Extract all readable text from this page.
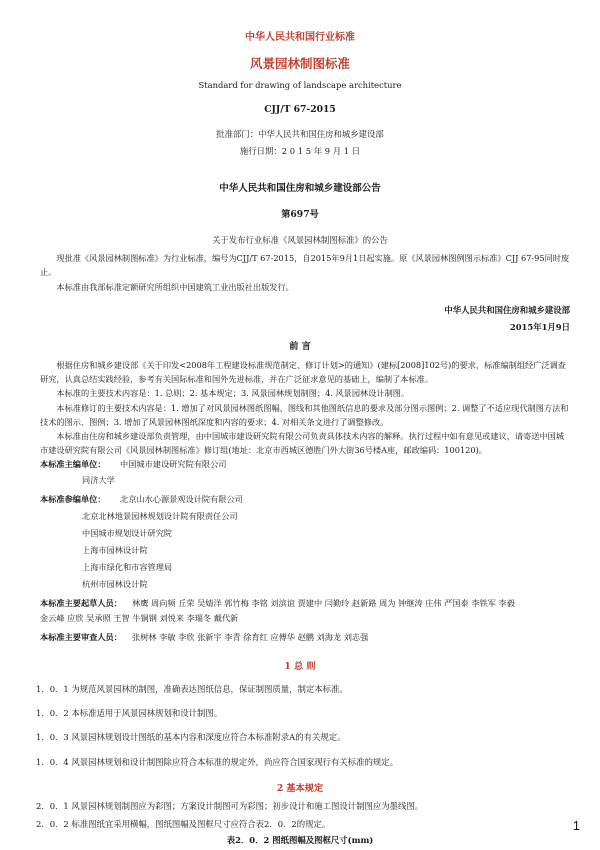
中华人民共和国行业标准
风景园林制图标准
Standard for drawing of landscape architecture
CJJ/T 67-2015
批准部门：中华人民共和国住房和城乡建设部
施行日期：2 0 1 5 年 9 月 1 日
中华人民共和国住房和城乡建设部公告
第697号
关于发布行业标准《风景园林制图标准》的公告
现批准《风景园林制图标准》为行业标准，编号为CJJ/T 67-2015，自2015年9月1日起实施。原《风景园林图例图示标准》CJJ 67-95同时废止。
本标准由我部标准定额研究所组织中国建筑工业出版社出版发行。
中华人民共和国住房和城乡建设部
2015年1月9日
前 言
根据住房和城乡建设部《关于印发<2008年工程建设标准规范制定、修订计划>的通知》(建标[2008]102号)的要求，标准编制组经广泛调查研究，认真总结实践经验，参考有关国际标准和国外先进标准，并在广泛征求意见的基础上，编制了本标准。
本标准的主要技术内容是：1. 总则；2. 基本规定；3. 风景园林规划制图；4. 风景园林设计制图。
本标准修订的主要技术内容是：1. 增加了对风景园林图纸图幅、图线和其他图纸信息的要求及部分图示图例；2. 调整了不适应现代制图方法和技术的图示、图例；3. 增加了风景园林图纸深度和内容的要求；4. 对相关条文进行了调整修改。
本标准由住房和城乡建设部负责管理，由中国城市建设研究院有限公司负责具体技术内容的解释。执行过程中如有意见或建议，请寄送中国城市建设研究院有限公司《风景园林制图标准》修订组(地址：北京市西城区德胜门外大街36号楼A座，邮政编码：100120)。
本标准主编单位： 中国城市建设研究院有限公司
同济大学
本标准参编单位： 北京山水心源景观设计院有限公司
北京北林地景园林规划设计院有限责任公司
中国城市规划设计研究院
上海市园林设计院
上海市绿化和市容管理局
杭州市园林设计院
本标准主要起草人员： 林鹰 周向频 丘荣 吴婧洋 郭竹梅 李铭 刘滨谊 贾建中 闫勤玲 赵新路 周为 钟继涛 庄伟 严国泰 李铁军 李毅
金云峰 应欣 吴承照 王智 牛铜钢 刘悦来 李瑞冬 戴代新
本标准主要审查人员： 张树林 李敏 李欣 张新宇 李青 徐育红 应傅华 赵鹏 刘海龙 刘志强
1 总 则
1．0．1 为规范风景园林的制图，准确表达图纸信息，保证制图质量，制定本标准。
1．0．2 本标准适用于风景园林规划和设计制图。
1．0．3 风景园林规划设计图纸的基本内容和深度应符合本标准附录A的有关规定。
1．0．4 风景园林规划和设计制图除应符合本标准的规定外，尚应符合国家现行有关标准的规定。
2 基本规定
2．0．1 风景园林规划制图应为彩图；方案设计制图可为彩图；初步设计和施工图设计制图应为墨线图。
2．0．2 标准图纸宜采用横幅，图纸图幅及图框尺寸应符合表2．0．2的规定。
表2．0．2 图纸图幅及图框尺寸(mm)
1
